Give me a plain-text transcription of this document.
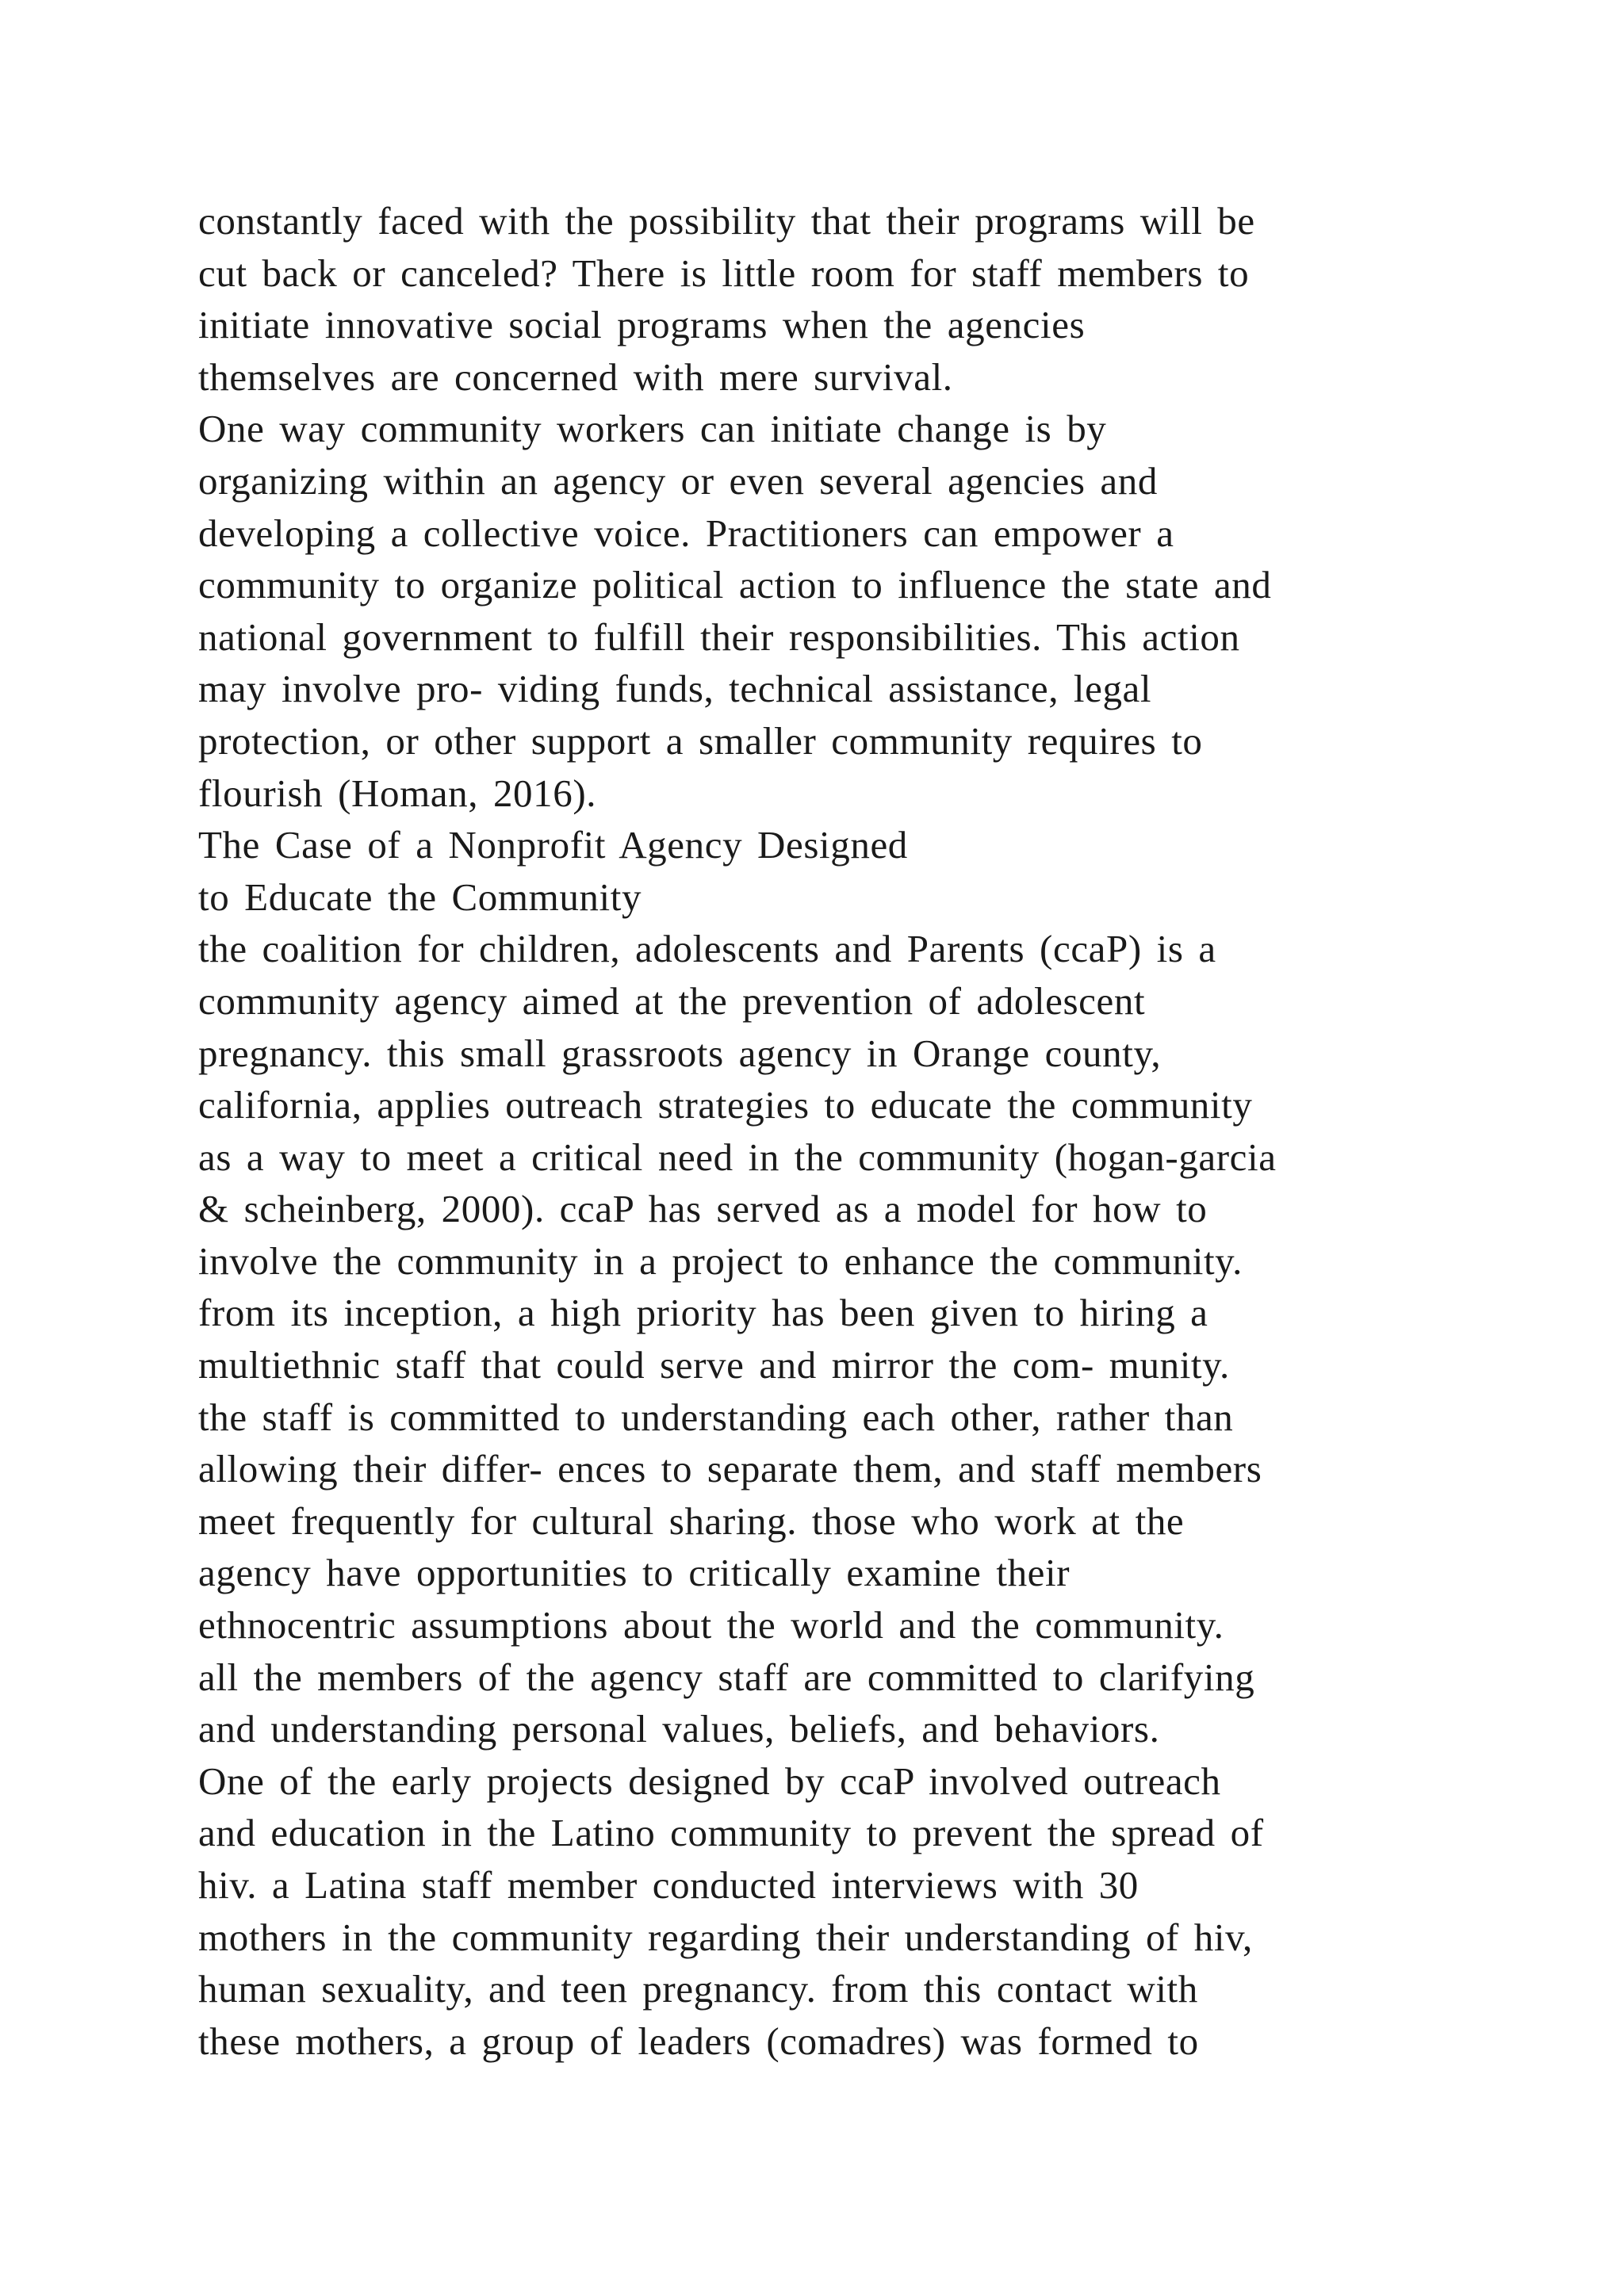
constantly faced with the possibility that their programs will be
cut back or canceled? There is little room for staff members to
initiate innovative social programs when the agencies
themselves are concerned with mere survival.
One way community workers can initiate change is by
organizing within an agency or even several agencies and
developing a collective voice. Practitioners can empower a
community to organize political action to influence the state and
national government to fulfill their responsibilities. This action
may involve pro- viding funds, technical assistance, legal
protection, or other support a smaller community requires to
flourish (Homan, 2016).
The Case of a Nonprofit Agency Designed
to Educate the Community
the coalition for children, adolescents and Parents (ccaP) is a
community agency aimed at the prevention of adolescent
pregnancy. this small grassroots agency in Orange county,
california, applies outreach strategies to educate the community
as a way to meet a critical need in the community (hogan-garcia
& scheinberg, 2000). ccaP has served as a model for how to
involve the community in a project to enhance the community.
from its inception, a high priority has been given to hiring a
multiethnic staff that could serve and mirror the com- munity.
the staff is committed to understanding each other, rather than
allowing their differ- ences to separate them, and staff members
meet frequently for cultural sharing. those who work at the
agency have opportunities to critically examine their
ethnocentric assumptions about the world and the community.
all the members of the agency staff are committed to clarifying
and understanding personal values, beliefs, and behaviors.
One of the early projects designed by ccaP involved outreach
and education in the Latino community to prevent the spread of
hiv. a Latina staff member conducted interviews with 30
mothers in the community regarding their understanding of hiv,
human sexuality, and teen pregnancy. from this contact with
these mothers, a group of leaders (comadres) was formed to
